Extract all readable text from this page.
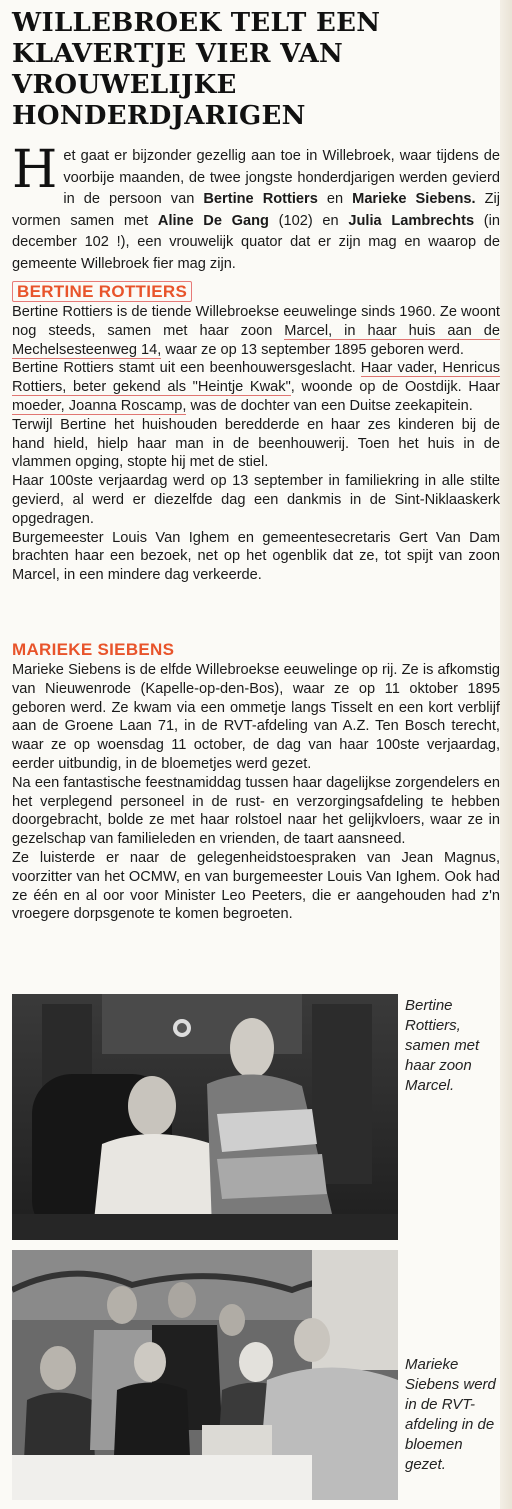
WILLEBROEK TELT EEN KLAVERTJE VIER VAN VROUWELIJKE HONDERDJARIGEN
Het gaat er bijzonder gezellig aan toe in Willebroek, waar tijdens de voorbije maanden, de twee jongste honderdjarigen werden gevierd in de persoon van Bertine Rottiers en Marieke Siebens. Zij vormen samen met Aline De Gang (102) en Julia Lambrechts (in december 102 !), een vrouwelijk quator dat er zijn mag en waarop de gemeente Willebroek fier mag zijn.
BERTINE ROTTIERS

Bertine Rottiers is de tiende Willebroekse eeuwelinge sinds 1960. Ze woont nog steeds, samen met haar zoon Marcel, in haar huis aan de Mechelsesteenweg 14, waar ze op 13 september 1895 geboren werd.

Bertine Rottiers stamt uit een beenhouwersgeslacht. Haar vader, Henricus Rottiers, beter gekend als "Heintje Kwak", woonde op de Oostdijk. Haar moeder, Joanna Roscamp, was de dochter van een Duitse zeekapitein.

Terwijl Bertine het huishouden beredderde en haar zes kinderen bij de hand hield, hielp haar man in de beenhouwerij. Toen het huis in de vlammen opging, stopte hij met de stiel.

Haar 100ste verjaardag werd op 13 september in familiekring in alle stilte gevierd, al werd er diezelfde dag een dankmis in de Sint-Niklaaskerk opgedragen.

Burgemeester Louis Van Ighem en gemeentesecretaris Gert Van Dam brachten haar een bezoek, net op het ogenblik dat ze, tot spijt van zoon Marcel, in een mindere dag verkeerde.

MARIEKE SIEBENS

Marieke Siebens is de elfde Willebroekse eeuwelinge op rij. Ze is afkomstig van Nieuwenrode (Kapelle-op-den-Bos), waar ze op 11 oktober 1895 geboren werd. Ze kwam via een ommetje langs Tisselt en een kort verblijf aan de Groene Laan 71, in de RVT-afdeling van A.Z. Ten Bosch terecht, waar ze op woensdag 11 october, de dag van haar 100ste verjaardag, eerder uitbundig, in de bloemetjes werd gezet.

Na een fantastische feestnamiddag tussen haar dagelijkse zorgendelers en het verplegend personeel in de rust- en verzorgingsafdeling te hebben doorgebracht, bolde ze met haar rolstoel naar het gelijkvloers, waar ze in gezelschap van familieleden en vrienden, de taart aansneed.

Ze luisterde er naar de gelegenheidstoespraken van Jean Magnus, voorzitter van het OCMW, en van burgemeester Louis Van Ighem. Ook had ze één en al oor voor Minister Leo Peeters, die er aangehouden had z'n vroegere dorpsgenote te komen begroeten.

Bertine Rottiers, samen met haar zoon Marcel.
Marieke Siebens werd in de RVT-afdeling in de bloemen gezet.
